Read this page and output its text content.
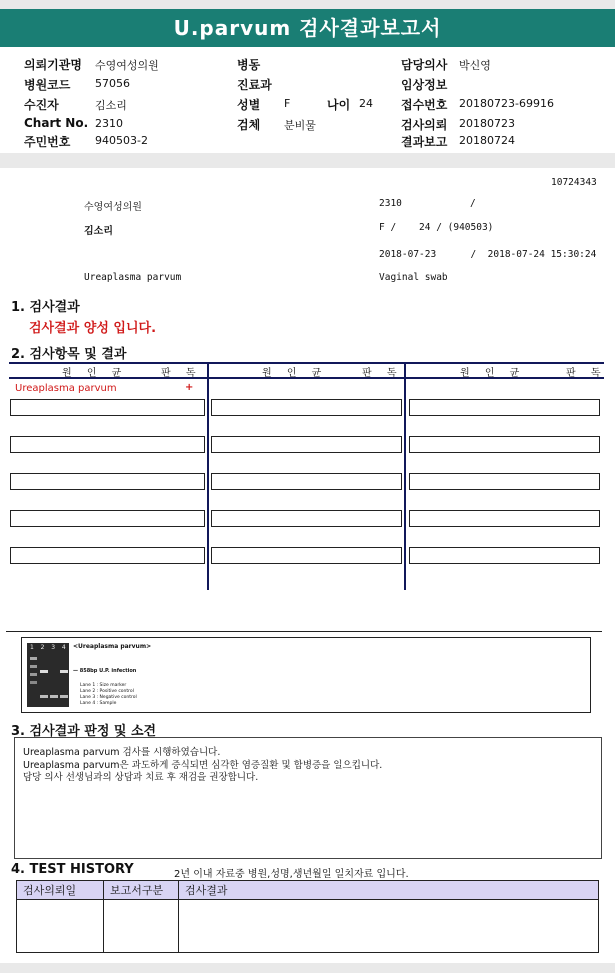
U.parvum 검사결과보고서
의뢰기관명 수영여성의원
병원코드 57056
수진자	김소리
Chart No. 2310
주민번호 940503-2
병동
진료과
성별 F	나이 24
검체 분비물
담당의사 박신영
임상정보
접수번호 20180723-69916
검사의뢰 20180723
결과보고 20180724
10724343
수영여성의원	2310	/
김소리	F /    24 / (940503)
2018-07-23      /  2018-07-24 15:30:24
Ureaplasma parvum	Vaginal swab
1. 검사결과
검사결과 양성 입니다.
2. 검사항목 및 결과
원 인 균	판 독	원 인 균	판 독	원 인 균	판 독
Ureaplasma parvum	+
1  2  3  4 <Ureaplasma parvum>
— 858bp U.P. infection
Lane 1 : Size marker
Lane 2 : Positive control
Lane 3 : Negative control
Lane 4 : Sample
3. 검사결과 판정 및 소견
Ureaplasma parvum 검사를 시행하였습니다.
Ureaplasma parvum은 과도하게 증식되면 심각한 염증질환 및 합병증을 일으킵니다.
담당 의사 선생님과의 상담과 치료 후 재검을 권장합니다.
4. TEST HISTORY	2년 이내 자료중 병원,성명,생년월일 일치자료 입니다.
검사의뢰일	보고서구분	검사결과
